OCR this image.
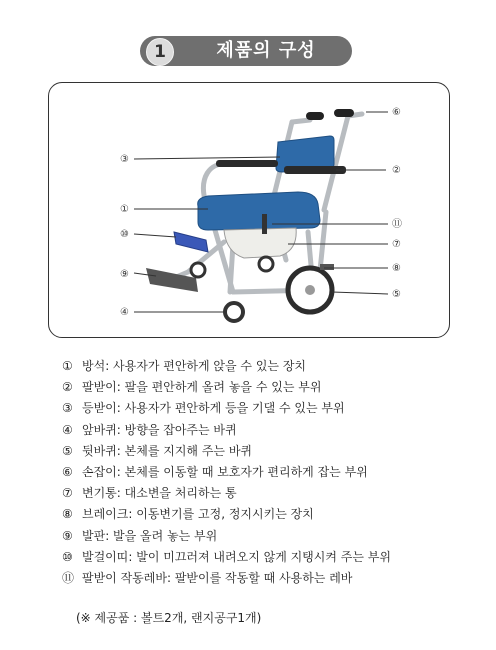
1	제품의 구성
③
①
⑩
⑨
④
⑥
②
⑪
⑦
⑧
⑤
① 방석 : 사용자가 편안하게 앉을 수 있는 장치
② 팔받이 : 팔을 편안하게 올려 놓을 수 있는 부위
③ 등받이 : 사용자가 편안하게 등을 기댈 수 있는 부위
④ 앞바퀴 : 방향을 잡아주는 바퀴
⑤ 뒷바퀴 : 본체를 지지해 주는 바퀴
⑥ 손잡이 : 본체를 이동할 때 보호자가 편리하게 잡는 부위
⑦ 변기통 : 대소변을 처리하는 통
⑧ 브레이크 : 이동변기를 고정, 정지시키는 장치
⑨ 발판 : 발을 올려 놓는 부위
⑩ 발걸이띠 : 발이 미끄러져 내려오지 않게 지탱시켜 주는 부위
⑪ 팔받이 작동레바 : 팔받이를 작동할 때 사용하는 레바
(※ 제공품 : 볼트2개, 랜지공구1개)
